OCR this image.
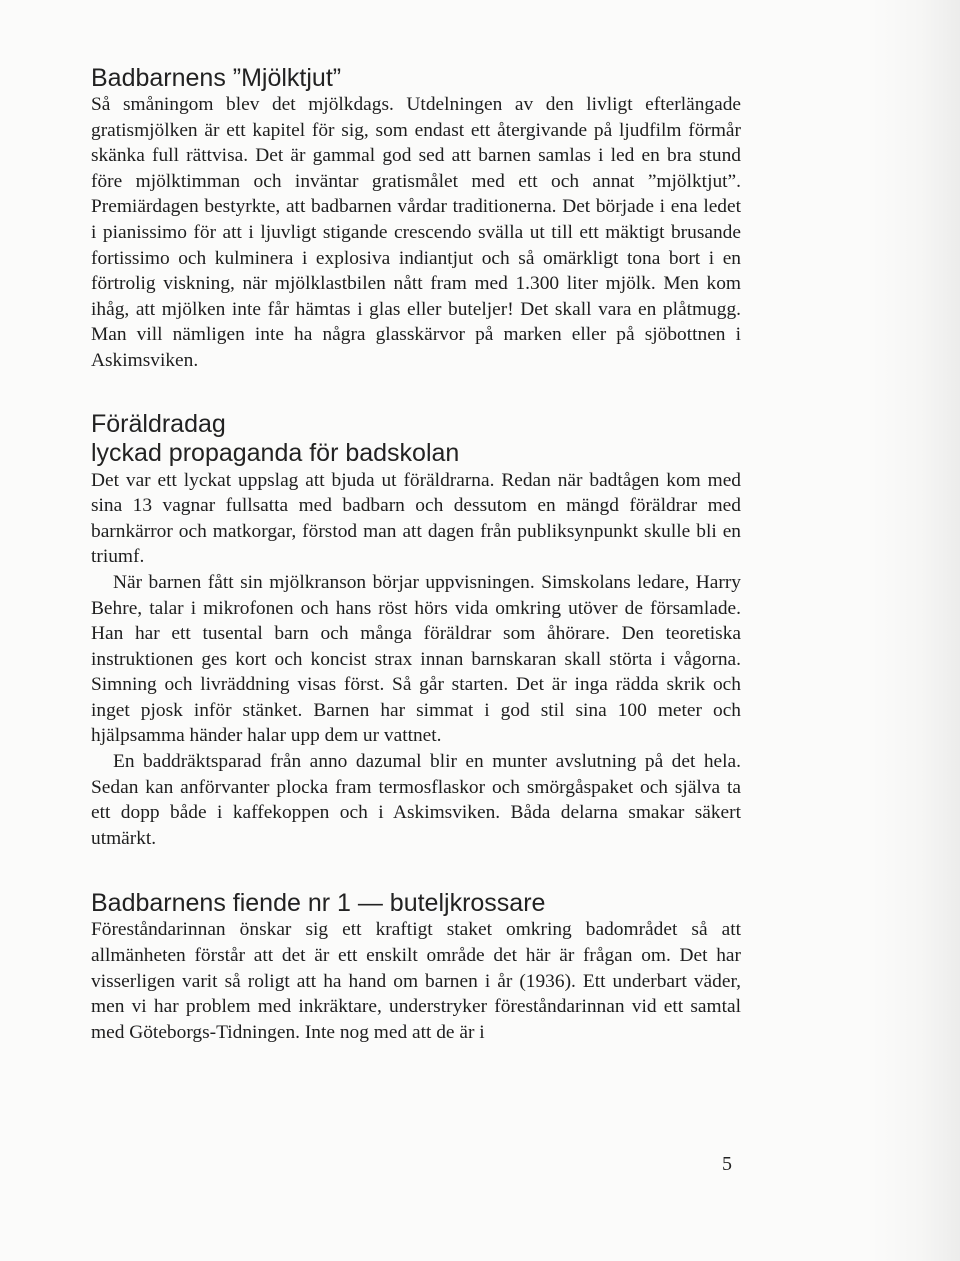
Badbarnens ”Mjölktjut”

Så småningom blev det mjölkdags. Utdelningen av den livligt efterlängade gratismjölken är ett kapitel för sig, som endast ett återgivande på ljudfilm förmår skänka full rättvisa. Det är gammal god sed att barnen samlas i led en bra stund före mjölktimman och inväntar gratismålet med ett och annat ”mjölktjut”. Premiärdagen bestyrkte, att badbarnen vårdar traditionerna. Det började i ena ledet i pianissimo för att i ljuvligt stigande crescendo svälla ut till ett mäktigt brusande fortissimo och kulminera i explosiva indiantjut och så omärkligt tona bort i en förtrolig viskning, när mjölklastbilen nått fram med 1.300 liter mjölk. Men kom ihåg, att mjölken inte får hämtas i glas eller buteljer! Det skall vara en plåtmugg. Man vill nämligen inte ha några glasskärvor på marken eller på sjöbottnen i Askimsviken.

Föräldradag
lyckad propaganda för badskolan

Det var ett lyckat uppslag att bjuda ut föräldrarna. Redan när badtågen kom med sina 13 vagnar fullsatta med badbarn och dessutom en mängd föräldrar med barnkärror och matkorgar, förstod man att dagen från publiksynpunkt skulle bli en triumf.

När barnen fått sin mjölkranson börjar uppvisningen. Simskolans ledare, Harry Behre, talar i mikrofonen och hans röst hörs vida omkring utöver de församlade. Han har ett tusental barn och många föräldrar som åhörare. Den teoretiska instruktionen ges kort och koncist strax innan barnskaran skall störta i vågorna. Simning och livräddning visas först. Så går starten. Det är inga rädda skrik och inget pjosk inför stänket. Barnen har simmat i god stil sina 100 meter och hjälpsamma händer halar upp dem ur vattnet.

En baddräktsparad från anno dazumal blir en munter avslutning på det hela. Sedan kan anförvanter plocka fram termosflaskor och smörgåspaket och själva ta ett dopp både i kaffekoppen och i Askimsviken. Båda delarna smakar säkert utmärkt.

Badbarnens fiende nr 1 — buteljkrossare

Föreståndarinnan önskar sig ett kraftigt staket omkring badområdet så att allmänheten förstår att det är ett enskilt område det här är frågan om. Det har visserligen varit så roligt att ha hand om barnen i år (1936). Ett underbart väder, men vi har problem med inkräktare, understryker föreståndarinnan vid ett samtal med Göteborgs-Tidningen. Inte nog med att de är i

5
